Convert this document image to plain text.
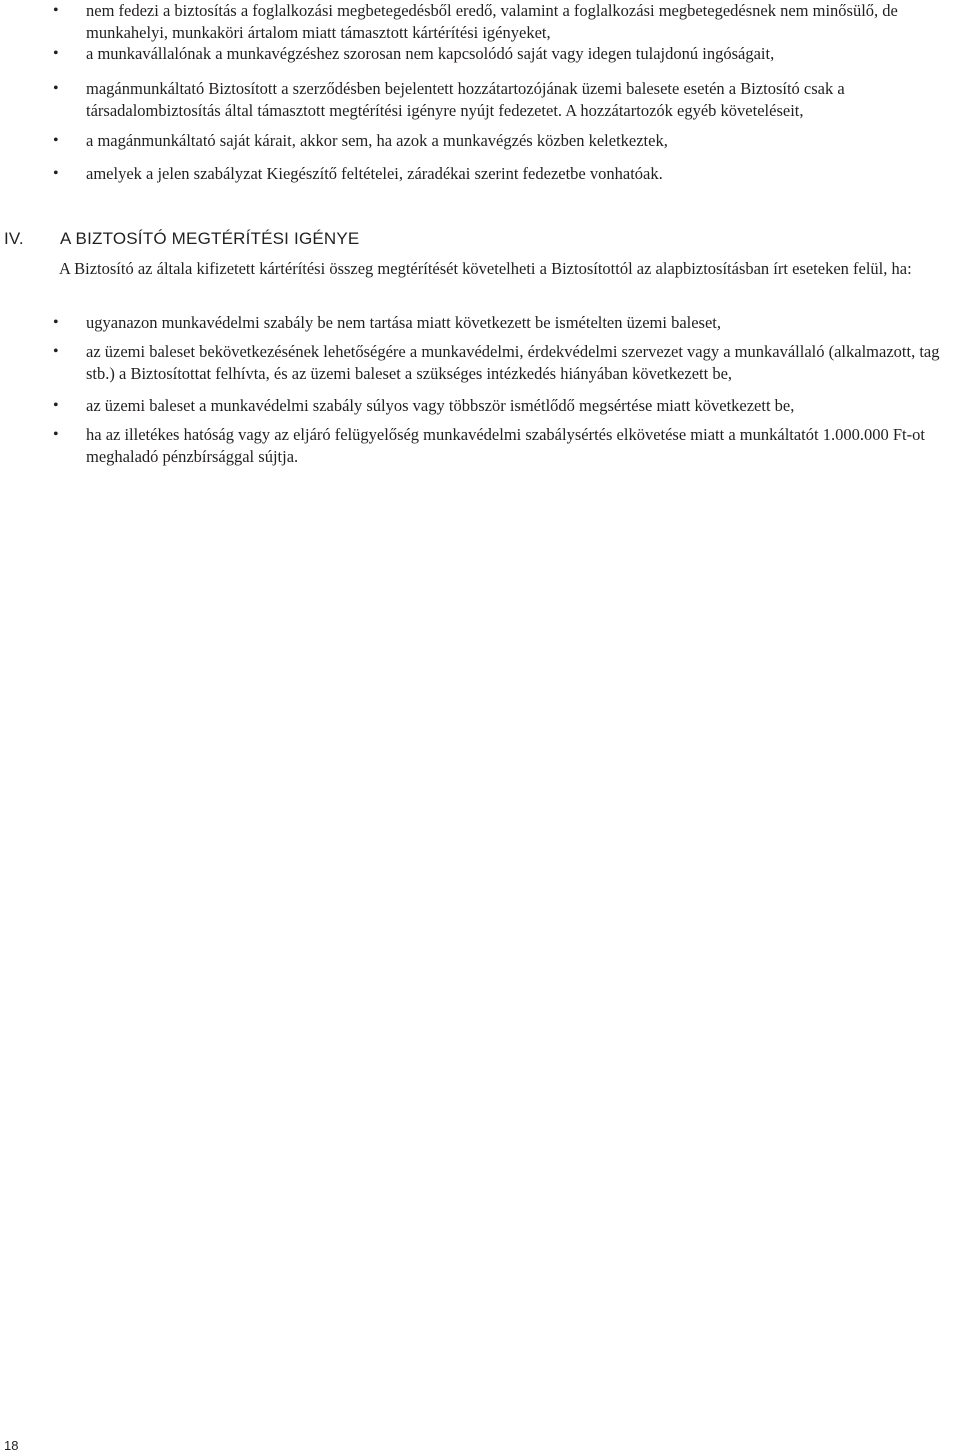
• nem fedezi a biztosítás a foglalkozási megbetegedésből eredő, valamint a foglalkozási megbetegedésnek nem minősülő, de munkahelyi, munkaköri ártalom miatt támasztott kártérítési igényeket,
• a munkavállalónak a munkavégzéshez szorosan nem kapcsolódó saját vagy idegen tulajdonú ingóságait,
• magánmunkáltató Biztosított a szerződésben bejelentett hozzátartozójának üzemi balesete esetén a Biztosító csak a társadalombiztosítás által támasztott megtérítési igényre nyújt fedezetet. A hozzátartozók egyéb követeléseit,
• a magánmunkáltató saját kárait, akkor sem, ha azok a munkavégzés közben keletkeztek,
• amelyek a jelen szabályzat Kiegészítő feltételei, záradékai szerint fedezetbe vonhatóak.
IV. A BIZTOSÍTÓ MEGTÉRÍTÉSI IGÉNYE

A Biztosító az általa kifizetett kártérítési összeg megtérítését követelheti a Biztosítottól az alapbiztosításban írt eseteken felül, ha:

• ugyanazon munkavédelmi szabály be nem tartása miatt következett be ismételten üzemi baleset,
• az üzemi baleset bekövetkezésének lehetőségére a munkavédelmi, érdekvédelmi szervezet vagy a munkavállaló (alkalmazott, tag stb.) a Biztosítottat felhívta, és az üzemi baleset a szükséges intézkedés hiányában következett be,
• az üzemi baleset a munkavédelmi szabály súlyos vagy többször ismétlődő megsértése miatt következett be,
• ha az illetékes hatóság vagy az eljáró felügyelőség munkavédelmi szabálysértés elkövetése miatt a munkáltatót 1.000.000 Ft-ot meghaladó pénzbírsággal sújtja.
18
